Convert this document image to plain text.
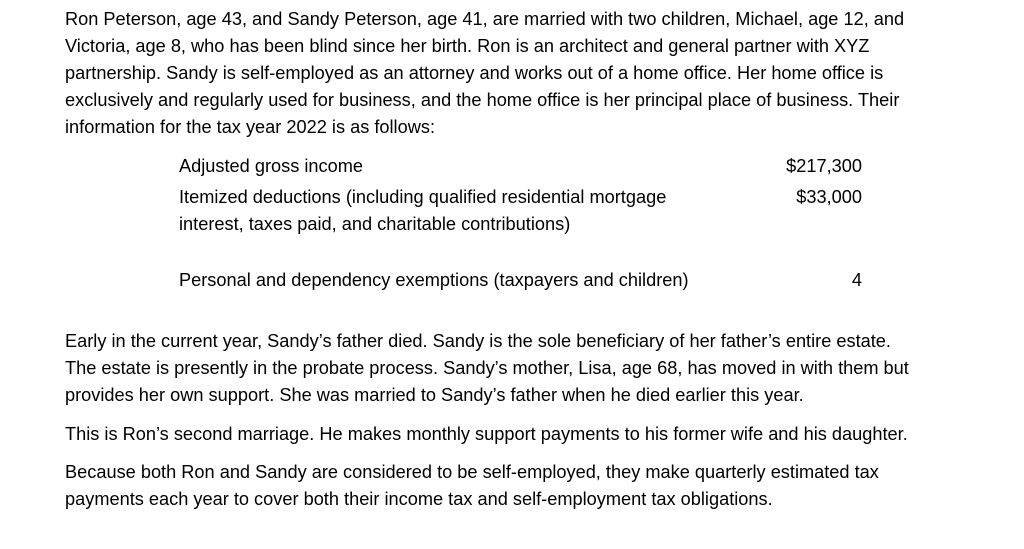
Ron Peterson, age 43, and Sandy Peterson, age 41, are married with two children, Michael, age 12, and
Victoria, age 8, who has been blind since her birth. Ron is an architect and general partner with XYZ
partnership. Sandy is self-employed as an attorney and works out of a home office. Her home office is
exclusively and regularly used for business, and the home office is her principal place of business. Their
information for the tax year 2022 is as follows:

Adjusted gross income	$217,300
Itemized deductions (including qualified residential mortgage
interest, taxes paid, and charitable contributions)
$33,000
Personal and dependency exemptions (taxpayers and children)	4

Early in the current year, Sandy’s father died. Sandy is the sole beneficiary of her father’s entire estate.
The estate is presently in the probate process. Sandy’s mother, Lisa, age 68, has moved in with them but
provides her own support. She was married to Sandy’s father when he died earlier this year.

This is Ron’s second marriage. He makes monthly support payments to his former wife and his daughter.

Because both Ron and Sandy are considered to be self-employed, they make quarterly estimated tax
payments each year to cover both their income tax and self-employment tax obligations.
